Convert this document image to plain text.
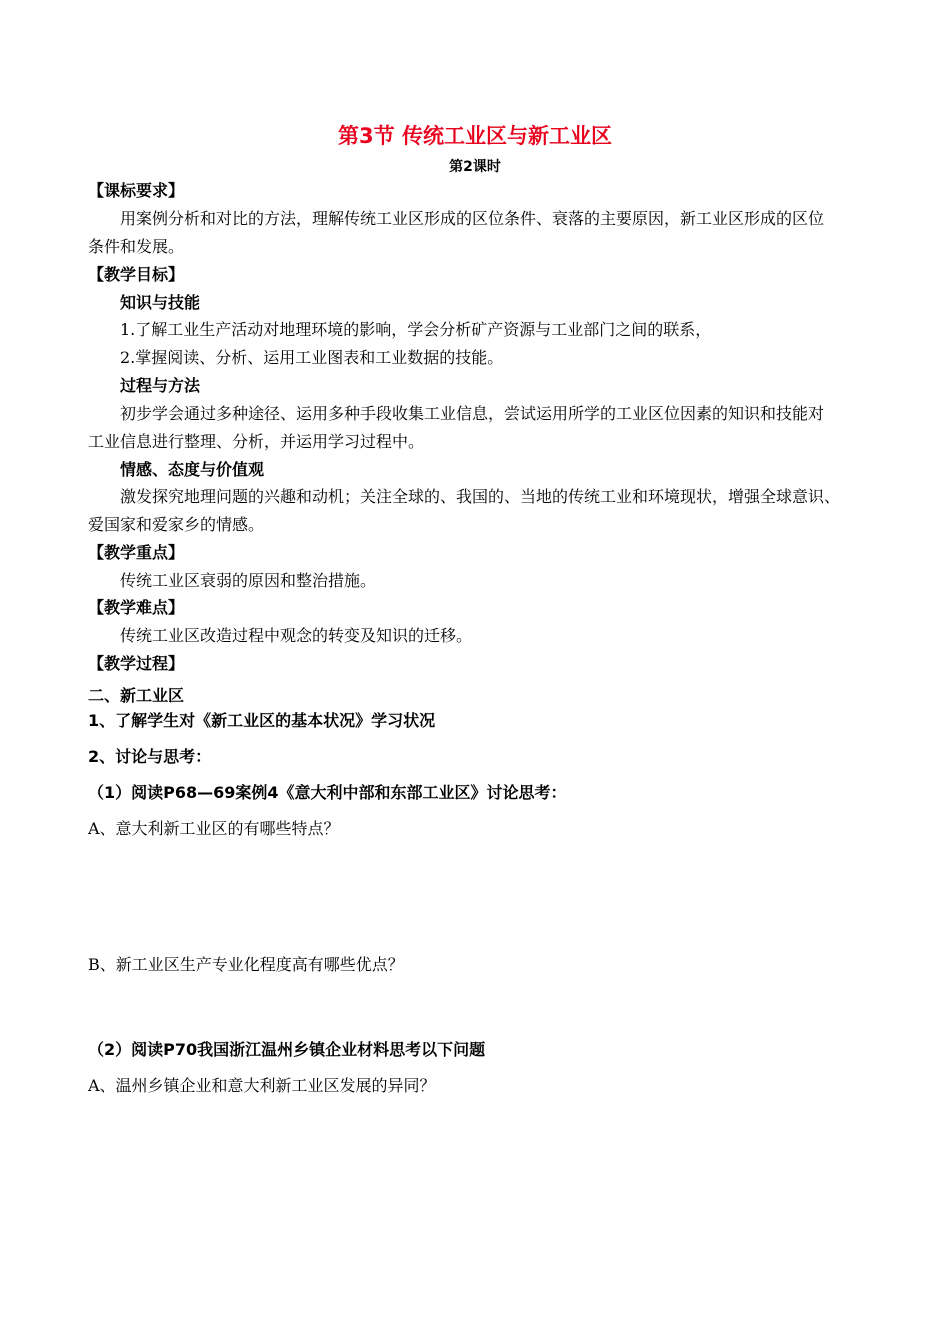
第3节 传统工业区与新工业区
第2课时
【课标要求】
用案例分析和对比的方法，理解传统工业区形成的区位条件、衰落的主要原因，新工业区形成的区位
条件和发展。
【教学目标】
知识与技能
1.了解工业生产活动对地理环境的影响，学会分析矿产资源与工业部门之间的联系，
2.掌握阅读、分析、运用工业图表和工业数据的技能。
过程与方法
初步学会通过多种途径、运用多种手段收集工业信息，尝试运用所学的工业区位因素的知识和技能对
工业信息进行整理、分析，并运用学习过程中。
情感、态度与价值观
激发探究地理问题的兴趣和动机；关注全球的、我国的、当地的传统工业和环境现状，增强全球意识、
爱国家和爱家乡的情感。
【教学重点】
传统工业区衰弱的原因和整治措施。
【教学难点】
传统工业区改造过程中观念的转变及知识的迁移。
【教学过程】
二、新工业区
1、了解学生对《新工业区的基本状况》学习状况
2、讨论与思考：
（1）阅读P68—69案例4《意大利中部和东部工业区》讨论思考：
A、意大利新工业区的有哪些特点？
B、新工业区生产专业化程度高有哪些优点？
（2）阅读P70我国浙江温州乡镇企业材料思考以下问题
A、温州乡镇企业和意大利新工业区发展的异同？
